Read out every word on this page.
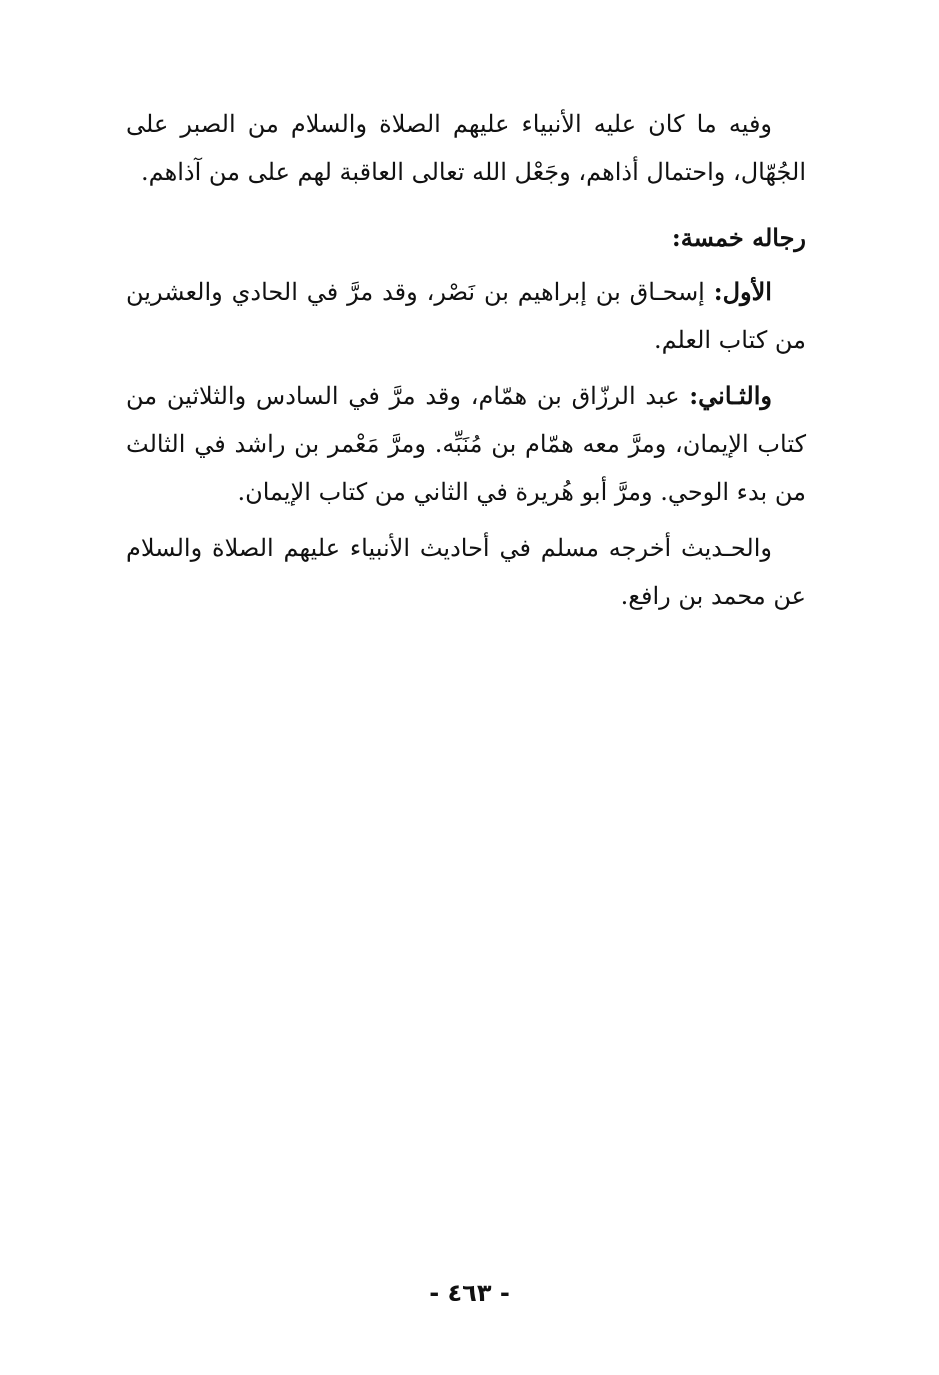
وفيه ما كان عليه الأنبياء عليهم الصلاة والسلام من الصبر على الجُهّال، واحتمال أذاهم، وجَعْل الله تعالى العاقبة لهم على من آذاهم.

رجاله خمسة:

الأول: إسحـاق بن إبراهيم بن نَصْر، وقد مرَّ في الحادي والعشرين من كتاب العلم.

والثـاني: عبد الرزّاق بن همّام، وقد مرَّ في السادس والثلاثين من كتاب الإيمان، ومرَّ معه همّام بن مُنَبِّه. ومرَّ مَعْمر بن راشد في الثالث من بدء الوحي. ومرَّ أبو هُريرة في الثاني من كتاب الإيمان.

والحـديث أخرجه مسلم في أحاديث الأنبياء عليهم الصلاة والسلام عن محمد بن رافع.

- ٤٦٣ -
